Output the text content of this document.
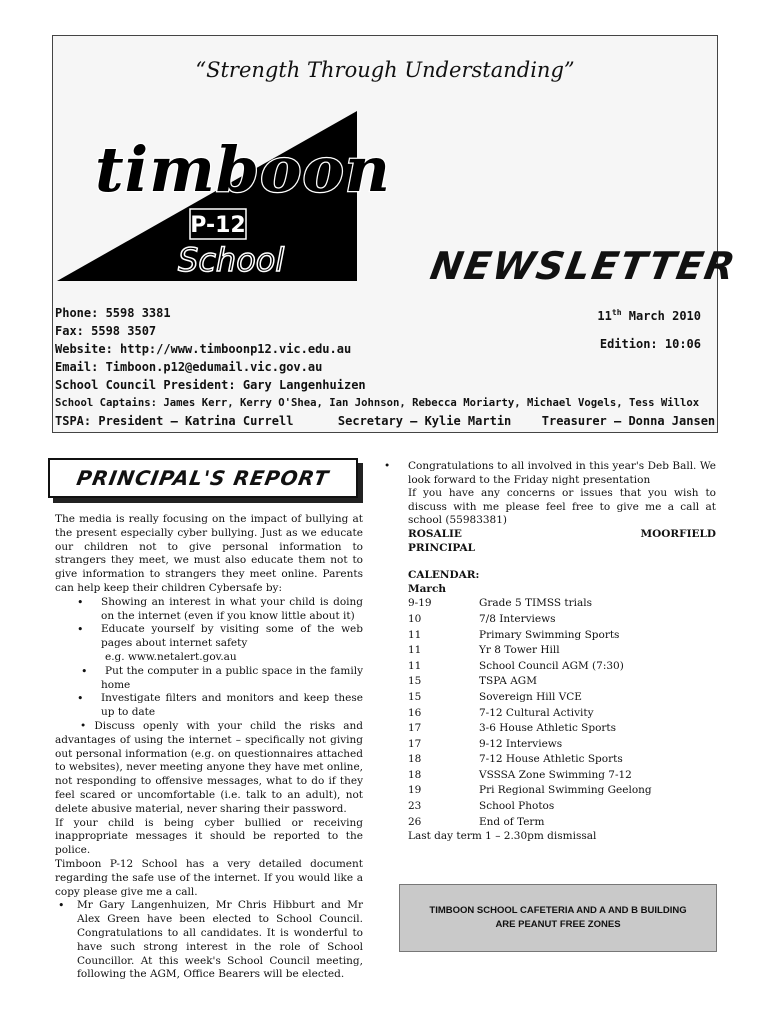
“Strength Through Understanding”
timboon
P-12
School	NEWSLETTER
Phone: 5598 3381
Fax: 5598 3507
Website: http://www.timboonp12.vic.edu.au
Email: Timboon.p12@edumail.vic.gov.au
School Council President: Gary Langenhuizen
School Captains: James Kerr, Kerry O'Shea, Ian Johnson, Rebecca Moriarty, Michael Vogels, Tess Willox
TSPA: President – Katrina Currell	Secretary – Kylie Martin	Treasurer – Donna Jansen
11th March 2010
Edition: 10:06
PRINCIPAL'S REPORT

The media is really focusing on the impact of bullying at the present especially cyber bullying. Just as we educate our children not to give personal information to strangers they meet, we must also educate them not to give information to strangers they meet online. Parents can help keep their children Cybersafe by:

• Showing an interest in what your child is doing on the internet (even if you know little about it)
• Educate yourself by visiting some of the web pages about internet safety
e.g. www.netalert.gov.au
• Put the computer in a public space in the family home
• Investigate filters and monitors and keep these up to date

• Discuss openly with your child the risks and advantages of using the internet – specifically not giving out personal information (e.g. on questionnaires attached to websites), never meeting anyone they have met online, not responding to offensive messages, what to do if they feel scared or uncomfortable (i.e. talk to an adult), not delete abusive material, never sharing their password.

If your child is being cyber bullied or receiving inappropriate messages it should be reported to the police.

Timboon P-12 School has a very detailed document regarding the safe use of the internet. If you would like a copy please give me a call.

• Mr Gary Langenhuizen, Mr Chris Hibburt and Mr Alex Green have been elected to School Council. Congratulations to all candidates. It is wonderful to have such strong interest in the role of School Councillor. At this week's School Council meeting, following the AGM, Office Bearers will be elected.
• Congratulations to all involved in this year's Deb Ball. We look forward to the Friday night presentation

If you have any concerns or issues that you wish to discuss with me please feel free to give me a call at school (55983381)

ROSALIE	MOORFIELD
PRINCIPAL
CALENDAR:
March
9-19	Grade 5 TIMSS trials
10	7/8 Interviews
11	Primary Swimming Sports
11	Yr 8 Tower Hill
11	School Council AGM (7:30)
15	TSPA AGM
15	Sovereign Hill VCE
16	7-12 Cultural Activity
17	3-6 House Athletic Sports
17	9-12 Interviews
18	7-12 House Athletic Sports
18	VSSSA Zone Swimming 7-12
19	Pri Regional Swimming Geelong
23	School Photos
26	End of Term
Last day term 1 – 2.30pm dismissal
TIMBOON SCHOOL CAFETERIA AND A AND B BUILDING
ARE PEANUT FREE ZONES
